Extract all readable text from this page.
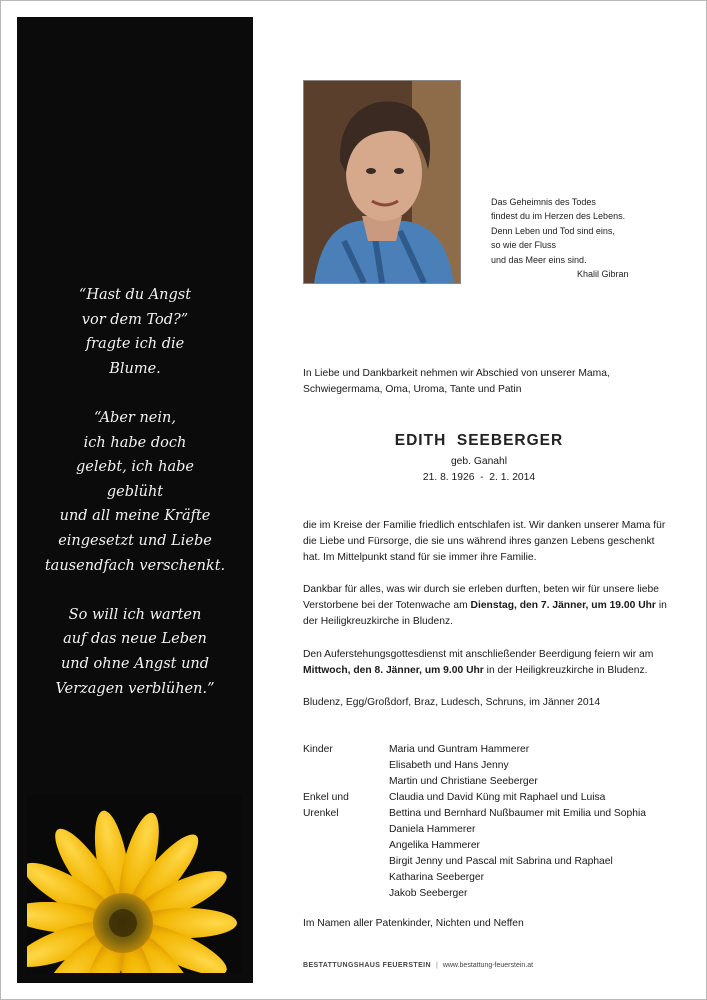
“Hast du Angst
vor dem Tod?”
fragte ich die
Blume.

“Aber nein,
ich habe doch
gelebt, ich habe
geblüht
und all meine Kräfte
eingesetzt und Liebe
tausendfach verschenkt.

So will ich warten
auf das neue Leben
und ohne Angst und
Verzagen verblühen.”

Das Geheimnis des Todes
findest du im Herzen des Lebens.
Denn Leben und Tod sind eins,
so wie der Fluss
und das Meer eins sind.
Khalil Gibran
In Liebe und Dankbarkeit nehmen wir Abschied von unserer Mama, Schwiegermama, Oma, Uroma, Tante und Patin
EDITH  SEEBERGER
geb. Ganahl
21. 8. 1926  -  2. 1. 2014

die im Kreise der Familie friedlich entschlafen ist. Wir danken unserer Mama für die Liebe und Fürsorge, die sie uns während ihres ganzen Lebens geschenkt hat. Im Mittelpunkt stand für sie immer ihre Familie.

Dankbar für alles, was wir durch sie erleben durften, beten wir für unsere liebe Verstorbene bei der Totenwache am Dienstag, den 7. Jänner, um 19.00 Uhr in der Heiligkreuzkirche in Bludenz.

Den Auferstehungsgottesdienst mit anschließender Beerdigung feiern wir am Mittwoch, den 8. Jänner, um 9.00 Uhr in der Heiligkreuzkirche in Bludenz.

Bludenz, Egg/Großdorf, Braz, Ludesch, Schruns, im Jänner 2014

Kinder	Maria und Guntram Hammerer
Elisabeth und Hans Jenny
Martin und Christiane Seeberger
Enkel und	Claudia und David Küng mit Raphael und Luisa
Urenkel	Bettina und Bernhard Nußbaumer mit Emilia und Sophia
Daniela Hammerer
Angelika Hammerer
Birgit Jenny und Pascal mit Sabrina und Raphael
Katharina Seeberger
Jakob Seeberger
Im Namen aller Patenkinder, Nichten und Neffen
BESTATTUNGSHAUS FEUERSTEIN | www.bestattung-feuerstein.at
